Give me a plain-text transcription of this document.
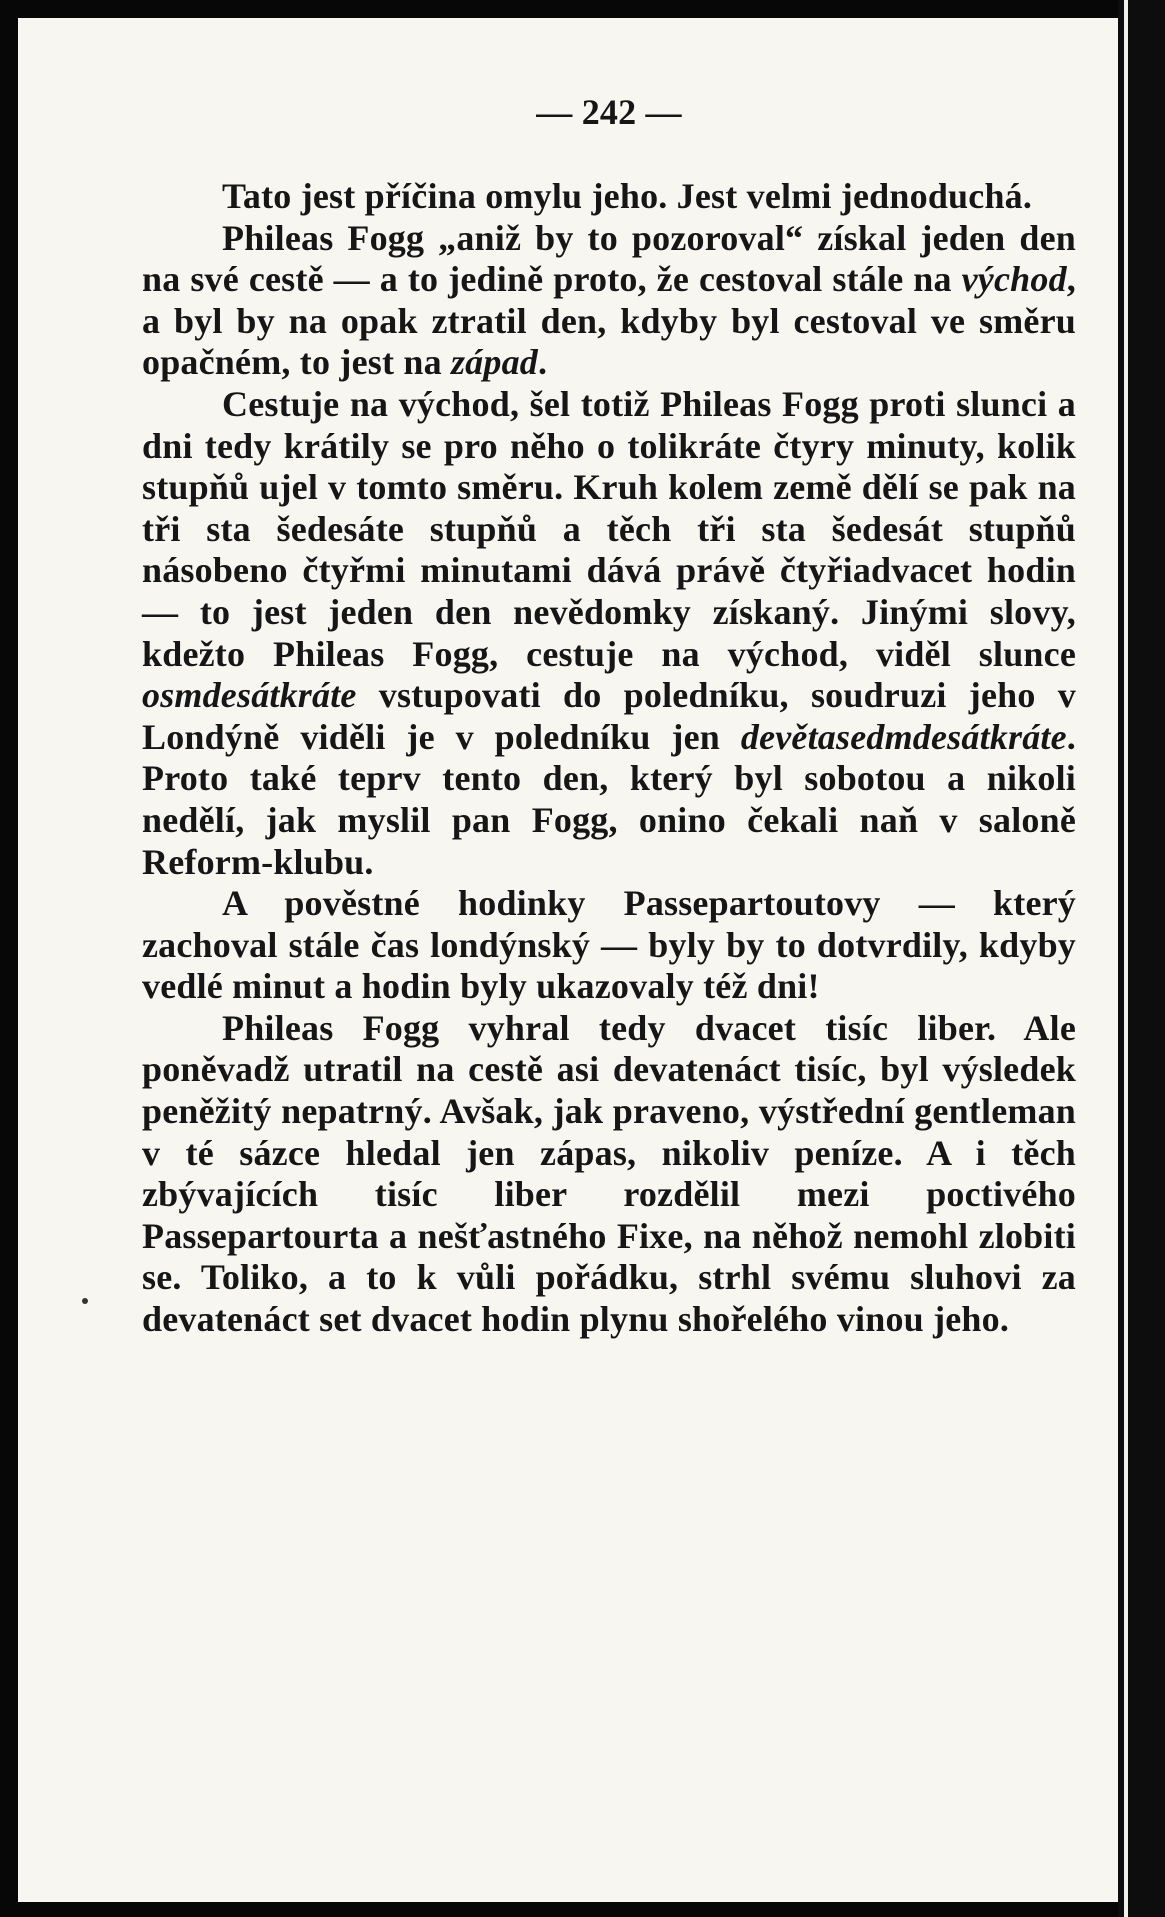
— 242 —

Tato jest příčina omylu jeho. Jest velmi jednoduchá.

Phileas Fogg „aniž by to pozoroval“ získal jeden den na své cestě — a to jedině proto, že cestoval stále na východ, a byl by na opak ztratil den, kdyby byl cestoval ve směru opačném, to jest na západ.

Cestuje na východ, šel totiž Phileas Fogg proti slunci a dni tedy krátily se pro něho o tolikráte čtyry minuty, kolik stupňů ujel v tomto směru. Kruh kolem země dělí se pak na tři sta šedesáte stupňů a těch tři sta šedesát stupňů násobeno čtyřmi minutami dává právě čtyřiadvacet hodin — to jest jeden den nevědomky získaný. Jinými slovy, kdežto Phileas Fogg, cestuje na východ, viděl slunce osmdesátkráte vstupovati do poledníku, soudruzi jeho v Londýně viděli je v poledníku jen devětasedmdesátkráte. Proto také teprv tento den, který byl sobotou a nikoli nedělí, jak myslil pan Fogg, onino čekali naň v saloně Reform-klubu.

A pověstné hodinky Passepartoutovy — který zachoval stále čas londýnský — byly by to dotvrdily, kdyby vedlé minut a hodin byly ukazovaly též dni!

Phileas Fogg vyhral tedy dvacet tisíc liber. Ale poněvadž utratil na cestě asi devatenáct tisíc, byl výsledek peněžitý nepatrný. Avšak, jak praveno, výstřední gentleman v té sázce hledal jen zápas, nikoliv peníze. A i těch zbývajících tisíc liber rozdělil mezi poctivého Passepartourta a nešťastného Fixe, na něhož nemohl zlobiti se. Toliko, a to k vůli pořádku, strhl svému sluhovi za devatenáct set dvacet hodin plynu shořelého vinou jeho.
